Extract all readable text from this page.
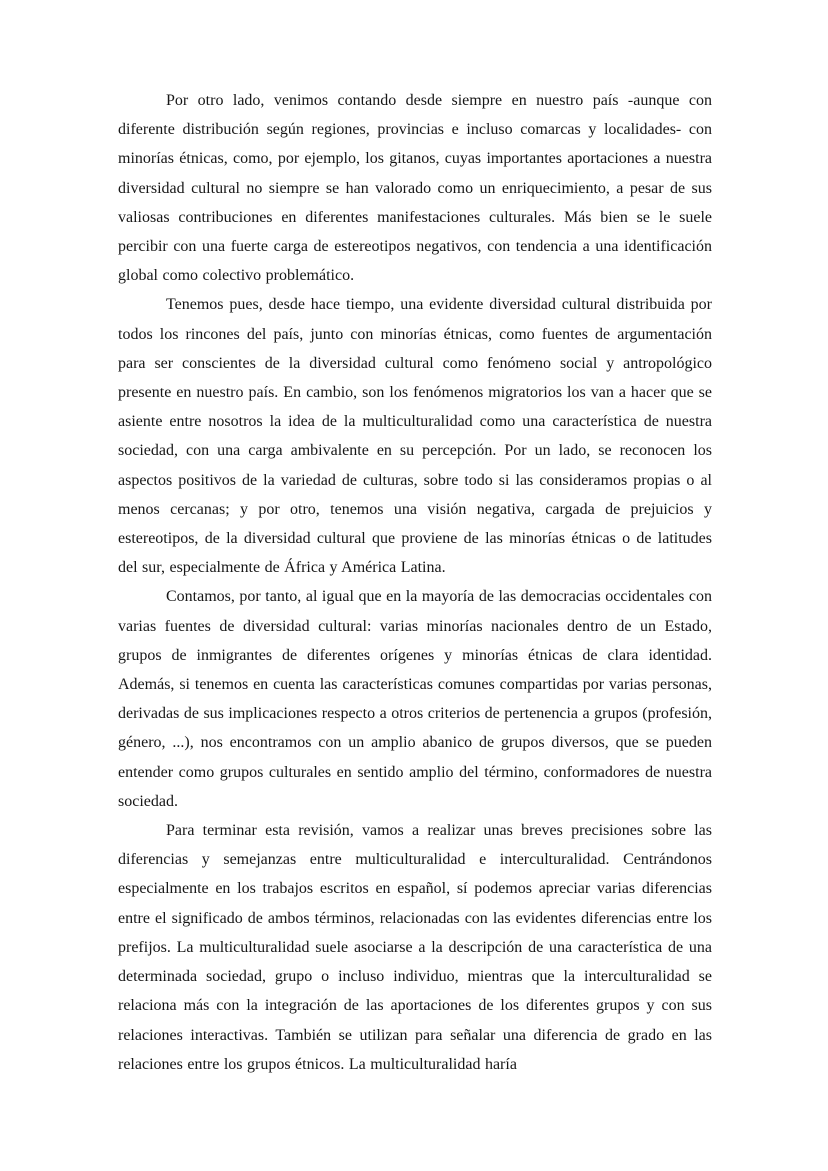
Por otro lado, venimos contando desde siempre en nuestro país -aunque con diferente distribución según regiones, provincias e incluso comarcas y localidades- con minorías étnicas, como, por ejemplo, los gitanos, cuyas importantes aportaciones a nuestra diversidad cultural no siempre se han valorado como un enriquecimiento, a pesar de sus valiosas contribuciones en diferentes manifestaciones culturales. Más bien se le suele percibir con una fuerte carga de estereotipos negativos, con tendencia a una identificación global como colectivo problemático.

Tenemos pues, desde hace tiempo, una evidente diversidad cultural distribuida por todos los rincones del país, junto con minorías étnicas, como fuentes de argumentación para ser conscientes de la diversidad cultural como fenómeno social y antropológico presente en nuestro país. En cambio, son los fenómenos migratorios los van a hacer que se asiente entre nosotros la idea de la multiculturalidad como una característica de nuestra sociedad, con una carga ambivalente en su percepción. Por un lado, se reconocen los aspectos positivos de la variedad de culturas, sobre todo si las consideramos propias o al menos cercanas; y por otro, tenemos una visión negativa, cargada de prejuicios y estereotipos, de la diversidad cultural que proviene de las minorías étnicas o de latitudes del sur, especialmente de África y América Latina.

Contamos, por tanto, al igual que en la mayoría de las democracias occidentales con varias fuentes de diversidad cultural: varias minorías nacionales dentro de un Estado, grupos de inmigrantes de diferentes orígenes y minorías étnicas de clara identidad. Además, si tenemos en cuenta las características comunes compartidas por varias personas, derivadas de sus implicaciones respecto a otros criterios de pertenencia a grupos (profesión, género, ...), nos encontramos con un amplio abanico de grupos diversos, que se pueden entender como grupos culturales en sentido amplio del término, conformadores de nuestra sociedad.

Para terminar esta revisión, vamos a realizar unas breves precisiones sobre las diferencias y semejanzas entre multiculturalidad e interculturalidad. Centrándonos especialmente en los trabajos escritos en español, sí podemos apreciar varias diferencias entre el significado de ambos términos, relacionadas con las evidentes diferencias entre los prefijos. La multiculturalidad suele asociarse a la descripción de una característica de una determinada sociedad, grupo o incluso individuo, mientras que la interculturalidad se relaciona más con la integración de las aportaciones de los diferentes grupos y con sus relaciones interactivas. También se utilizan para señalar una diferencia de grado en las relaciones entre los grupos étnicos. La multiculturalidad haría
